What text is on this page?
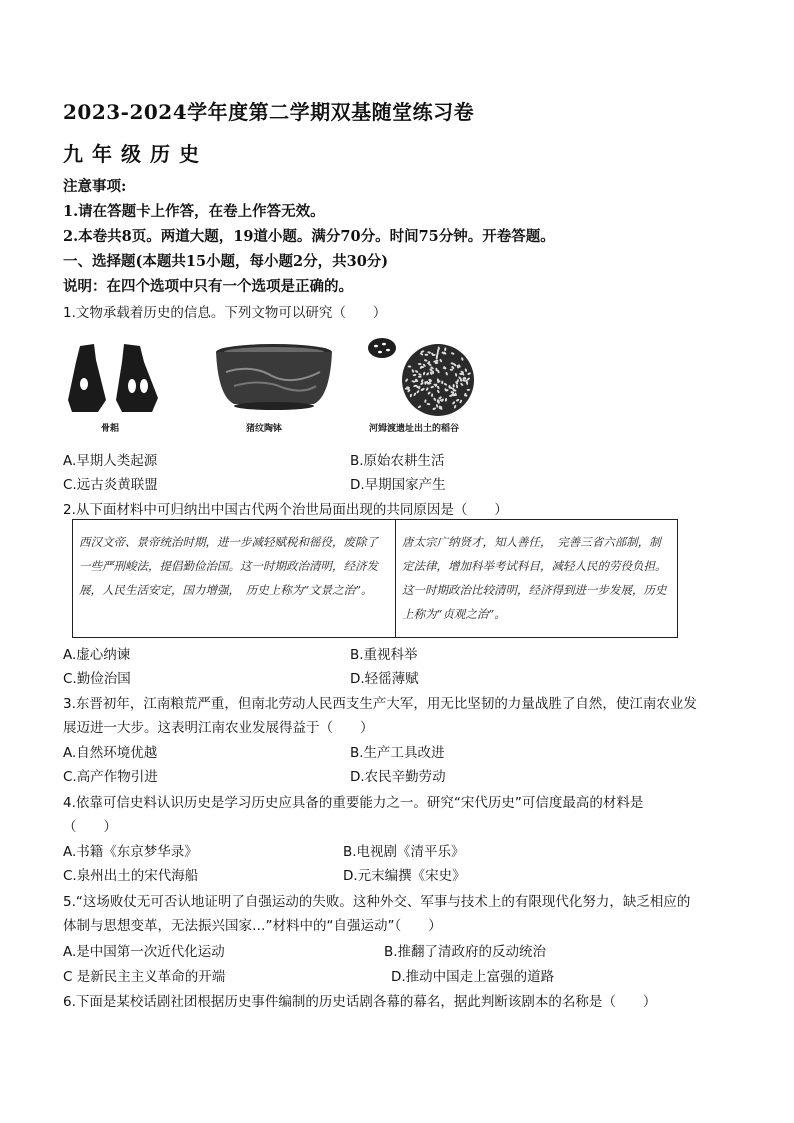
2023-2024学年度第二学期双基随堂练习卷
九年级历史
注意事项:
1.请在答题卡上作答，在卷上作答无效。
2.本卷共8页。两道大题，19道小题。满分70分。时间75分钟。开卷答题。
一、选择题(本题共15小题，每小题2分，共30分)
说明：在四个选项中只有一个选项是正确的。
1.文物承载着历史的信息。下列文物可以研究（　　）
骨耜	猪纹陶钵	河姆渡遗址出土的稻谷
A.早期人类起源	B.原始农耕生活
C.远古炎黄联盟	D.早期国家产生
2.从下面材料中可归纳出中国古代两个治世局面出现的共同原因是（　　）
西汉文帝、景帝统治时期，进一步减轻赋税和徭役，废除了一些严刑峻法，提倡勤俭治国。这一时期政治清明，经济发展，人民生活安定，国力增强，　历史上称为“文景之治”。
唐太宗广纳贤才，知人善任，　完善三省六部制，制定法律，增加科举考试科目，减轻人民的劳役负担。这一时期政治比较清明，经济得到进一步发展，历史上称为“贞观之治”。
A.虚心纳谏	B.重视科举
C.勤俭治国	D.轻徭薄赋
3.东晋初年，江南粮荒严重，但南北劳动人民西支生产大军，用无比坚韧的力量战胜了自然，使江南农业发
展迈进一大步。这表明江南农业发展得益于（　　）
A.自然环境优越	B.生产工具改进
C.高产作物引进	D.农民辛勤劳动
4.依靠可信史料认识历史是学习历史应具备的重要能力之一。研究“宋代历史”可信度最高的材料是
（　　）
A.书籍《东京梦华录》	B.电视剧《清平乐》
C.泉州出土的宋代海船	D.元末编撰《宋史》
5.“这场败仗无可否认地证明了自强运动的失败。这种外交、军事与技术上的有限现代化努力，缺乏相应的
体制与思想变革，无法振兴国家…”材料中的“自强运动”（　　）
A.是中国第一次近代化运动	B.推翻了清政府的反动统治
C 是新民主主义革命的开端	D.推动中国走上富强的道路
6.下面是某校话剧社团根据历史事件编制的历史话剧各幕的幕名，据此判断该剧本的名称是（　　）
